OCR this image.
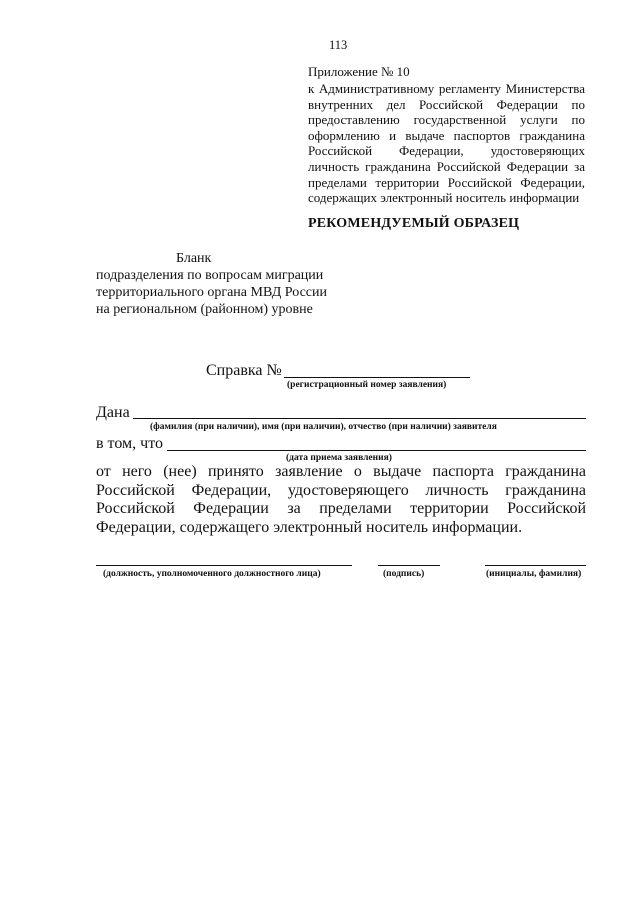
113
Приложение № 10
к Административному регламенту Министерства внутренних дел Российской Федерации по предоставлению государственной услуги по оформлению и выдаче паспортов гражданина Российской Федерации, удостоверяющих личность гражданина Российской Федерации за пределами территории Российской Федерации, содержащих электронный носитель информации
РЕКОМЕНДУЕМЫЙ ОБРАЗЕЦ
Бланк
подразделения по вопросам миграции
территориального органа МВД России
на региональном (районном) уровне
Справка №
(регистрационный номер заявления)
Дана
(фамилия (при наличии), имя (при наличии), отчество (при наличии) заявителя
в том, что
(дата приема заявления)
от него (нее) принято заявление о выдаче паспорта гражданина Российской Федерации, удостоверяющего личность гражданина Российской Федерации за пределами территории Российской Федерации, содержащего электронный носитель информации.
(должность, уполномоченного должностного лица)	(подпись)	(инициалы, фамилия)
